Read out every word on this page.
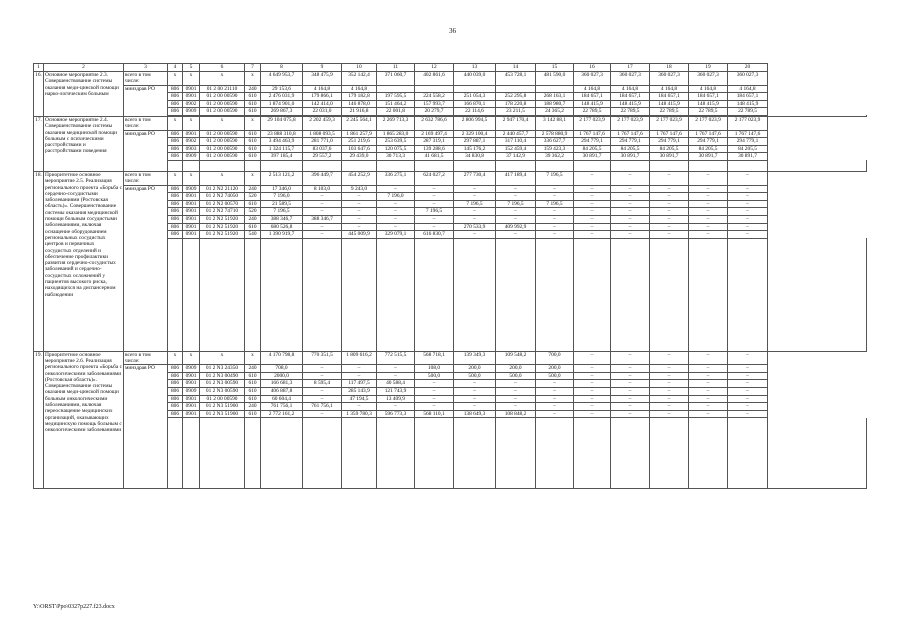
36
1	2	3	4	5	6	7	8	9	10	11	12	13	14	15	16	17	18	19	20	
16.	Основное мероприятие 2.3. Совершенствование системы оказания меди-цинской помощи нарко-логическим больным	всего в том числе:	x	x	x	x	4 649 953,7	348 475,9	352 142,4	371 060,7	402 861,6	440 039,0	453 728,1	481 590,0	360 027,3	360 027,3	360 027,3	360 027,3	360 027,3	
		минздрав РО	806	0901	01 2 00 21110	240	29 153,6	4 164,8	4 164,8						4 164,8	4 164,8	4 164,8	4 164,8	4 164,8	
			806	0901	01 2 00 00590	610	2 476 031,9	179 866,1	179 182,8	197 595,5	224 558,2	251 054,3	252 295,8	268 163,1	184 657,1	184 657,1	184 657,1	184 657,1	184 657,1	
			806	0902	01 2 00 00590	610	1 874 901,0	142 414,0	146 878,0	151 464,2	157 993,7	166 870,1	178 220,8	188 980,7	148 415,9	148 415,9	148 415,9	148 415,9	148 415,9	
			806	0909	01 2 00 00590	610	269 867,3	22 031,0	21 916,8	22 001,8	20 279,7	22 114,6	23 211,5	24 365,2	22 789,5	22 789,5	22 789,5	22 789,5	22 789,5	

17.	Основное мероприятие 2.4. Совершенствование системы оказания медицинской помощи больным с психическими расстройствами и расстройствами поведения	всего в том числе:	x	x	x	x	29 104 075,8	2 202 459,3	2 245 564,1	2 269 713,3	2 632 786,6	2 806 994,5	2 947 170,4	3 142 88,1	2 177 023,9	2 177 023,9	2 177 023,9	2 177 023,9	2 177 023,9	
		минздрав РО	806	0901	01 2 00 00590	610	23 888 310,8	1 808 093,5	1 861 257,9	1 865 283,0	2 169 497,4	2 329 100,4	2 440 457,7	2 578 880,9	1 767 147,6	1 767 147,6	1 767 147,6	1 767 147,6	1 767 147,6	
			806	0902	01 2 00 00590	610	3 494 463,9	281 771,0	251 219,6	253 639,5	287 319,1	297 887,1	317 110,4	336 627,7	294 779,1	294 779,1	294 779,1	294 779,1	294 779,1	
			806	0903	01 2 00 00590	610	1 324 115,7	83 037,6	103 647,6	120 075,5	139 288,6	145 176,2	152 459,4	159 423,3	84 205,5	84 205,5	84 205,5	84 205,5	84 205,5	
			806	0909	01 2 00 00590	610	397 185,4	29 557,2	29 439,0	30 713,3	41 681,5	34 830,8	37 142,9	39 362,2	30 891,7	30 891,7	30 891,7	30 891,7	30 891,7	

18.	Приоритетное основное мероприятие 2.5. Реализация регионального проекта «Борьба с сердечно-сосудистыми заболеваниями (Ростовская область)». Совершенствование системы оказания медицинской помощи больным сосудистыми заболеваниями, включая оснащение оборудованием региональных сосудистых центров и первичных сосудистых отделений и обеспечение профилактики развития сердечно-сосудистых заболеваний и сердечно-сосудистых осложнений у пациентов высокого риска, находящихся на диспансерном наблюдении	всего в том числе:	x	x	x	x	2 513 121,2	396 449,7	454 252,9	336 275,1	624 027,2	277 730,4	417 189,4	7 196,5	–	–	–	–	–	
		минздрав РО	806	0909	01 2 N2 21120	240	17 346,0	8 103,0	9 243,0	–	–	–	–	–	–	–	–	–	–	
			806	0901	01 2 N2 74050	520	7 196,0	–	–	7 196,0	–	–	–	–	–	–	–	–	–	
			806	0901	01 2 N2 00570	610	21 589,5	–	–	–	–	7 196,5	7 196,5	7 196,5	–	–	–	–	–	
			806	0901	01 2 N2 74710	520	7 196,5	–	–	–	7 196,5	–	–	–	–	–	–	–	–	
			806	0901	01 2 N2 51920	240	388 346,7	388 346,7	–	–	–	–	–	–	–	–	–	–	–	
			806	0901	01 2 N2 51920	610	680 526,8	–	–	–	–	270 533,9	409 992,9	–	–	–	–	–	–	
			806	0901	01 2 N2 51920	540	1 390 919,7	–	445 009,9	329 079,1	616 830,7	–	–	–	–	–	–	–	–	

19.	Приоритетное основное мероприятие 2.6. Реализация регионального проекта «Борьба с онкологическими заболеваниями (Ростовская область)». Совершенствование системы оказания меди-цинской помощи больным онкологическими заболеваниями, включая переоснащение медицинских организаций, оказывающих медицинскую помощь больным с онкологическими заболеваниями	всего в том числе:	x	x	x	x	4 170 798,8	770 351,5	1 809 616,2	772 515,5	568 718,1	139 349,3	109 548,2	700,0	–	–	–	–	–	
		минздрав РО	806	0909	01 2 N3 24350	240	708,0	–	–	–	108,0	200,0	200,0	200,0	–	–	–	–	–	
			806	0901	01 2 N3 00490	610	2000,0	–	–	–	500,0	500,0	500,0	500,0	–	–	–	–	–	
			806	0901	01 2 N3 00590	610	166 681,3	8 595,4	117 497,5	40 588,4	–	–	–	–	–	–	–	–	–	
			806	0909	01 2 N3 00590	610	406 887,8	–	285 143,9	121 743,9	–	–	–	–	–	–	–	–	–	
			806	0901	01 2 00 00590	610	60 604,4	–	47 194,5	13 409,9	–	–	–	–	–	–	–	–	–	
			806	0901	01 2 N3 51900	240	761 756,1	761 756,1	–	–	–	–	–	–	–	–	–	–	–	
			806	0901	01 2 N3 51900	610	2 772 161,2	–	1 359 780,3	596 773,3	568 110,1	138 649,3	108 848,2	–	–	–	–	–	–	

Y:\ORST\Ppo\0327p227.f23.docx
